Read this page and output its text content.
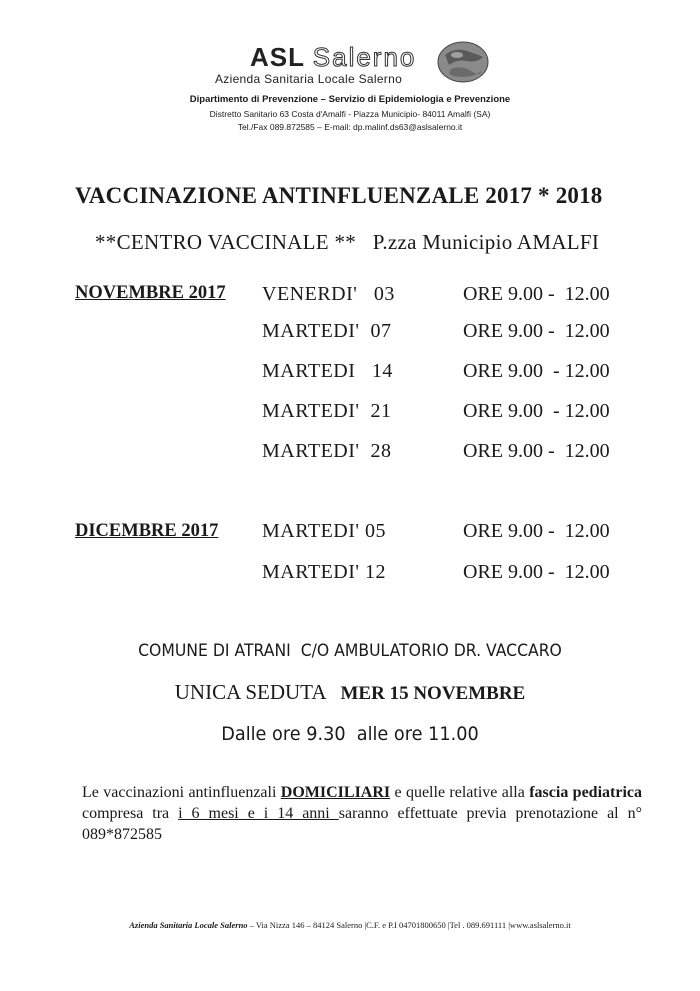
ASL Salerno
Azienda Sanitaria Locale Salerno
Dipartimento di Prevenzione – Servizio di Epidemiologia e Prevenzione
Distretto Sanitario 63 Costa d'Amalfi - Piazza Municipio- 84011 Amalfi (SA)
Tel./Fax 089.872585 – E-mail: dp.malinf.ds63@aslsalerno.it
VACCINAZIONE ANTINFLUENZALE 2017 * 2018
**CENTRO VACCINALE **   P.zza Municipio AMALFI
NOVEMBRE 2017 VENERDI'   03	ORE 9.00 -  12.00
MARTEDI'  07	ORE 9.00 -  12.00
MARTEDI   14	ORE 9.00  - 12.00
MARTEDI'  21	ORE 9.00  - 12.00
MARTEDI'  28	ORE 9.00 -  12.00
DICEMBRE 2017 MARTEDI' 05	ORE 9.00 -  12.00
MARTEDI' 12	ORE 9.00 -  12.00
COMUNE DI ATRANI  C/O AMBULATORIO DR. VACCARO
UNICA SEDUTA MER 15 NOVEMBRE
Dalle ore 9.30  alle ore 11.00
Le vaccinazioni antinfluenzali DOMICILIARI e quelle relative alla fascia pediatrica compresa tra i 6 mesi e i 14 anni saranno effettuate previa prenotazione al n° 089*872585
Azienda Sanitaria Locale Salerno – Via Nizza 146 – 84124 Salerno |C.F. e P.I 04701800650 |Tel . 089.691111 |www.aslsalerno.it
